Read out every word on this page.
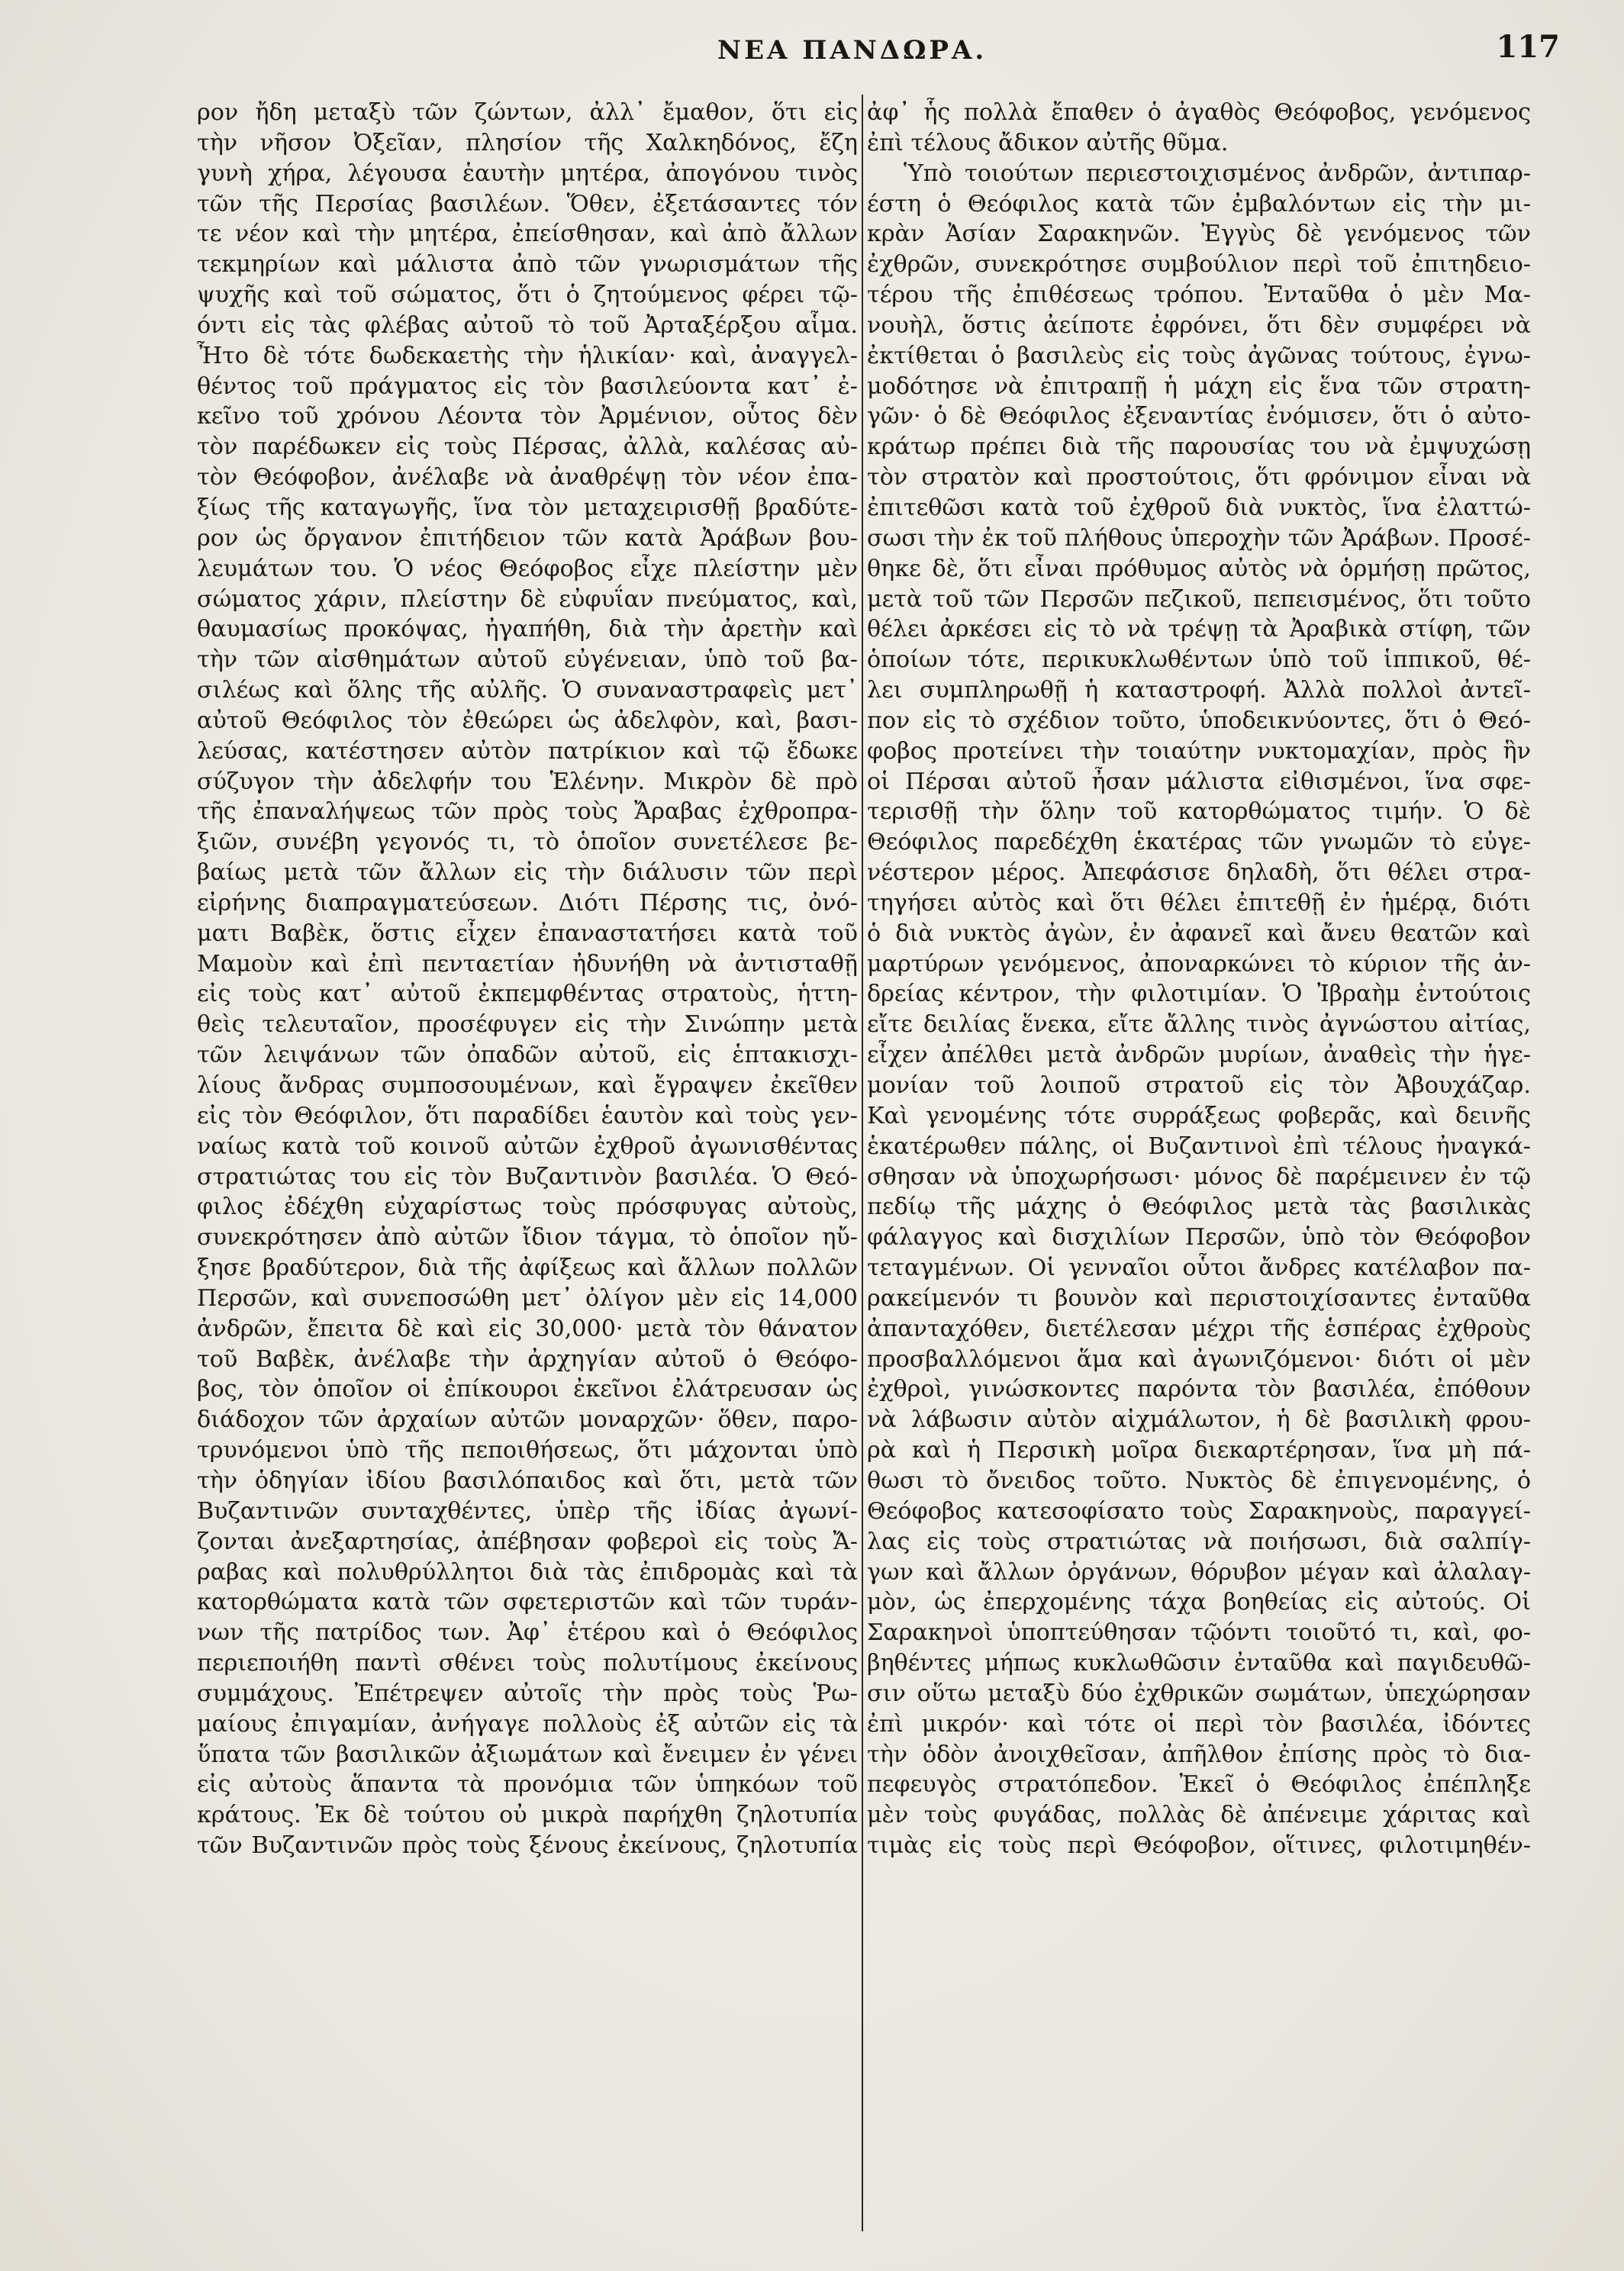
ΝΕΑ ΠΑΝΔΩΡΑ.	117
ρον ἤδη μεταξὺ τῶν ζώντων, ἀλλ᾽ ἔμαθον, ὅτι εἰς
τὴν νῆσον Ὀξεῖαν, πλησίον τῆς Χαλκηδόνος, ἔζη
γυνὴ χήρα, λέγουσα ἑαυτὴν μητέρα, ἀπογόνου τινὸς
τῶν τῆς Περσίας βασιλέων. Ὅθεν, ἐξετάσαντες τόν
τε νέον καὶ τὴν μητέρα, ἐπείσθησαν, καὶ ἀπὸ ἄλλων
τεκμηρίων καὶ μάλιστα ἀπὸ τῶν γνωρισμάτων τῆς
ψυχῆς καὶ τοῦ σώματος, ὅτι ὁ ζητούμενος φέρει τῷ-
όντι εἰς τὰς φλέβας αὐτοῦ τὸ τοῦ Ἀρταξέρξου αἷμα.
Ἦτο δὲ τότε δωδεκαετὴς τὴν ἡλικίαν· καὶ, ἀναγγελ-
θέντος τοῦ πράγματος εἰς τὸν βασιλεύοντα κατ᾽ ἐ-
κεῖνο τοῦ χρόνου Λέοντα τὸν Ἀρμένιον, οὗτος δὲν
τὸν παρέδωκεν εἰς τοὺς Πέρσας, ἀλλὰ, καλέσας αὐ-
τὸν Θεόφοβον, ἀνέλαβε νὰ ἀναθρέψῃ τὸν νέον ἐπα-
ξίως τῆς καταγωγῆς, ἵνα τὸν μεταχειρισθῇ βραδύτε-
ρον ὡς ὄργανον ἐπιτήδειον τῶν κατὰ Ἀράβων βου-
λευμάτων του. Ὁ νέος Θεόφοβος εἶχε πλείστην μὲν
σώματος χάριν, πλείστην δὲ εὐφυΐαν πνεύματος, καὶ,
θαυμασίως προκόψας, ἠγαπήθη, διὰ τὴν ἀρετὴν καὶ
τὴν τῶν αἰσθημάτων αὐτοῦ εὐγένειαν, ὑπὸ τοῦ βα-
σιλέως καὶ ὅλης τῆς αὐλῆς. Ὁ συναναστραφεὶς μετ᾽
αὐτοῦ Θεόφιλος τὸν ἐθεώρει ὡς ἀδελφὸν, καὶ, βασι-
λεύσας, κατέστησεν αὐτὸν πατρίκιον καὶ τῷ ἔδωκε
σύζυγον τὴν ἀδελφήν του Ἑλένην. Μικρὸν δὲ πρὸ
τῆς ἐπαναλήψεως τῶν πρὸς τοὺς Ἄραβας ἐχθροπρα-
ξιῶν, συνέβη γεγονός τι, τὸ ὁποῖον συνετέλεσε βε-
βαίως μετὰ τῶν ἄλλων εἰς τὴν διάλυσιν τῶν περὶ
εἰρήνης διαπραγματεύσεων. Διότι Πέρσης τις, ὀνό-
ματι Βαβὲκ, ὅστις εἶχεν ἐπαναστατήσει κατὰ τοῦ
Μαμοὺν καὶ ἐπὶ πενταετίαν ἠδυνήθη νὰ ἀντισταθῇ
εἰς τοὺς κατ᾽ αὐτοῦ ἐκπεμφθέντας στρατοὺς, ἡττη-
θεὶς τελευταῖον, προσέφυγεν εἰς τὴν Σινώπην μετὰ
τῶν λειψάνων τῶν ὀπαδῶν αὐτοῦ, εἰς ἑπτακισχι-
λίους ἄνδρας συμποσουμένων, καὶ ἔγραψεν ἐκεῖθεν
εἰς τὸν Θεόφιλον, ὅτι παραδίδει ἑαυτὸν καὶ τοὺς γεν-
ναίως κατὰ τοῦ κοινοῦ αὐτῶν ἐχθροῦ ἀγωνισθέντας
στρατιώτας του εἰς τὸν Βυζαντινὸν βασιλέα. Ὁ Θεό-
φιλος ἐδέχθη εὐχαρίστως τοὺς πρόσφυγας αὐτοὺς,
συνεκρότησεν ἀπὸ αὐτῶν ἴδιον τάγμα, τὸ ὁποῖον ηὔ-
ξησε βραδύτερον, διὰ τῆς ἀφίξεως καὶ ἄλλων πολλῶν
Περσῶν, καὶ συνεποσώθη μετ᾽ ὀλίγον μὲν εἰς 14,000
ἀνδρῶν, ἔπειτα δὲ καὶ εἰς 30,000· μετὰ τὸν θάνατον
τοῦ Βαβὲκ, ἀνέλαβε τὴν ἀρχηγίαν αὐτοῦ ὁ Θεόφο-
βος, τὸν ὁποῖον οἱ ἐπίκουροι ἐκεῖνοι ἐλάτρευσαν ὡς
διάδοχον τῶν ἀρχαίων αὐτῶν μοναρχῶν· ὅθεν, παρο-
τρυνόμενοι ὑπὸ τῆς πεποιθήσεως, ὅτι μάχονται ὑπὸ
τὴν ὁδηγίαν ἰδίου βασιλόπαιδος καὶ ὅτι, μετὰ τῶν
Βυζαντινῶν συνταχθέντες, ὑπὲρ τῆς ἰδίας ἀγωνί-
ζονται ἀνεξαρτησίας, ἀπέβησαν φοβεροὶ εἰς τοὺς Ἄ-
ραβας καὶ πολυθρύλλητοι διὰ τὰς ἐπιδρομὰς καὶ τὰ
κατορθώματα κατὰ τῶν σφετεριστῶν καὶ τῶν τυράν-
νων τῆς πατρίδος των. Ἀφ᾽ ἑτέρου καὶ ὁ Θεόφιλος
περιεποιήθη παντὶ σθένει τοὺς πολυτίμους ἐκείνους
συμμάχους. Ἐπέτρεψεν αὐτοῖς τὴν πρὸς τοὺς Ῥω-
μαίους ἐπιγαμίαν, ἀνήγαγε πολλοὺς ἐξ αὐτῶν εἰς τὰ
ὕπατα τῶν βασιλικῶν ἀξιωμάτων καὶ ἔνειμεν ἐν γένει
εἰς αὐτοὺς ἅπαντα τὰ προνόμια τῶν ὑπηκόων τοῦ
κράτους. Ἐκ δὲ τούτου οὐ μικρὰ παρήχθη ζηλοτυπία
τῶν Βυζαντινῶν πρὸς τοὺς ξένους ἐκείνους, ζηλοτυπία
ἀφ᾽ ἧς πολλὰ ἔπαθεν ὁ ἀγαθὸς Θεόφοβος, γενόμενος
ἐπὶ τέλους ἄδικον αὐτῆς θῦμα.
Ὑπὸ τοιούτων περιεστοιχισμένος ἀνδρῶν, ἀντιπαρ-
έστη ὁ Θεόφιλος κατὰ τῶν ἐμβαλόντων εἰς τὴν μι-
κρὰν Ἀσίαν Σαρακηνῶν. Ἐγγὺς δὲ γενόμενος τῶν
ἐχθρῶν, συνεκρότησε συμβούλιον περὶ τοῦ ἐπιτηδειο-
τέρου τῆς ἐπιθέσεως τρόπου. Ἐνταῦθα ὁ μὲν Μα-
νουὴλ, ὅστις ἀείποτε ἐφρόνει, ὅτι δὲν συμφέρει νὰ
ἐκτίθεται ὁ βασιλεὺς εἰς τοὺς ἀγῶνας τούτους, ἐγνω-
μοδότησε νὰ ἐπιτραπῇ ἡ μάχη εἰς ἕνα τῶν στρατη-
γῶν· ὁ δὲ Θεόφιλος ἐξεναντίας ἐνόμισεν, ὅτι ὁ αὐτο-
κράτωρ πρέπει διὰ τῆς παρουσίας του νὰ ἐμψυχώσῃ
τὸν στρατὸν καὶ προστούτοις, ὅτι φρόνιμον εἶναι νὰ
ἐπιτεθῶσι κατὰ τοῦ ἐχθροῦ διὰ νυκτὸς, ἵνα ἐλαττώ-
σωσι τὴν ἐκ τοῦ πλήθους ὑπεροχὴν τῶν Ἀράβων. Προσέ-
θηκε δὲ, ὅτι εἶναι πρόθυμος αὐτὸς νὰ ὁρμήσῃ πρῶτος,
μετὰ τοῦ τῶν Περσῶν πεζικοῦ, πεπεισμένος, ὅτι τοῦτο
θέλει ἀρκέσει εἰς τὸ νὰ τρέψῃ τὰ Ἀραβικὰ στίφη, τῶν
ὁποίων τότε, περικυκλωθέντων ὑπὸ τοῦ ἱππικοῦ, θέ-
λει συμπληρωθῇ ἡ καταστροφή. Ἀλλὰ πολλοὶ ἀντεῖ-
πον εἰς τὸ σχέδιον τοῦτο, ὑποδεικνύοντες, ὅτι ὁ Θεό-
φοβος προτείνει τὴν τοιαύτην νυκτομαχίαν, πρὸς ἣν
οἱ Πέρσαι αὐτοῦ ἦσαν μάλιστα εἰθισμένοι, ἵνα σφε-
τερισθῇ τὴν ὅλην τοῦ κατορθώματος τιμήν. Ὁ δὲ
Θεόφιλος παρεδέχθη ἑκατέρας τῶν γνωμῶν τὸ εὐγε-
νέστερον μέρος. Ἀπεφάσισε δηλαδὴ, ὅτι θέλει στρα-
τηγήσει αὐτὸς καὶ ὅτι θέλει ἐπιτεθῇ ἐν ἡμέρᾳ, διότι
ὁ διὰ νυκτὸς ἀγὼν, ἐν ἀφανεῖ καὶ ἄνευ θεατῶν καὶ
μαρτύρων γενόμενος, ἀποναρκώνει τὸ κύριον τῆς ἀν-
δρείας κέντρον, τὴν φιλοτιμίαν. Ὁ Ἰβραὴμ ἐντούτοις
εἴτε δειλίας ἕνεκα, εἴτε ἄλλης τινὸς ἀγνώστου αἰτίας,
εἶχεν ἀπέλθει μετὰ ἀνδρῶν μυρίων, ἀναθεὶς τὴν ἡγε-
μονίαν τοῦ λοιποῦ στρατοῦ εἰς τὸν Ἀβουχάζαρ.
Καὶ γενομένης τότε συρράξεως φοβερᾶς, καὶ δεινῆς
ἑκατέρωθεν πάλης, οἱ Βυζαντινοὶ ἐπὶ τέλους ἠναγκά-
σθησαν νὰ ὑποχωρήσωσι· μόνος δὲ παρέμεινεν ἐν τῷ
πεδίῳ τῆς μάχης ὁ Θεόφιλος μετὰ τὰς βασιλικὰς
φάλαγγος καὶ δισχιλίων Περσῶν, ὑπὸ τὸν Θεόφοβον
τεταγμένων. Οἱ γενναῖοι οὗτοι ἄνδρες κατέλαβον πα-
ρακείμενόν τι βουνὸν καὶ περιστοιχίσαντες ἐνταῦθα
ἀπανταχόθεν, διετέλεσαν μέχρι τῆς ἑσπέρας ἐχθροὺς
προσβαλλόμενοι ἅμα καὶ ἀγωνιζόμενοι· διότι οἱ μὲν
ἐχθροὶ, γινώσκοντες παρόντα τὸν βασιλέα, ἐπόθουν
νὰ λάβωσιν αὐτὸν αἰχμάλωτον, ἡ δὲ βασιλικὴ φρου-
ρὰ καὶ ἡ Περσικὴ μοῖρα διεκαρτέρησαν, ἵνα μὴ πά-
θωσι τὸ ὄνειδος τοῦτο. Νυκτὸς δὲ ἐπιγενομένης, ὁ
Θεόφοβος κατεσοφίσατο τοὺς Σαρακηνοὺς, παραγγεί-
λας εἰς τοὺς στρατιώτας νὰ ποιήσωσι, διὰ σαλπίγ-
γων καὶ ἄλλων ὀργάνων, θόρυβον μέγαν καὶ ἀλαλαγ-
μὸν, ὡς ἐπερχομένης τάχα βοηθείας εἰς αὐτούς. Οἱ
Σαρακηνοὶ ὑποπτεύθησαν τῷόντι τοιοῦτό τι, καὶ, φο-
βηθέντες μήπως κυκλωθῶσιν ἐνταῦθα καὶ παγιδευθῶ-
σιν οὕτω μεταξὺ δύο ἐχθρικῶν σωμάτων, ὑπεχώρησαν
ἐπὶ μικρόν· καὶ τότε οἱ περὶ τὸν βασιλέα, ἰδόντες
τὴν ὁδὸν ἀνοιχθεῖσαν, ἀπῆλθον ἐπίσης πρὸς τὸ δια-
πεφευγὸς στρατόπεδον. Ἐκεῖ ὁ Θεόφιλος ἐπέπληξε
μὲν τοὺς φυγάδας, πολλὰς δὲ ἀπένειμε χάριτας καὶ
τιμὰς εἰς τοὺς περὶ Θεόφοβον, οἵτινες, φιλοτιμηθέν-
